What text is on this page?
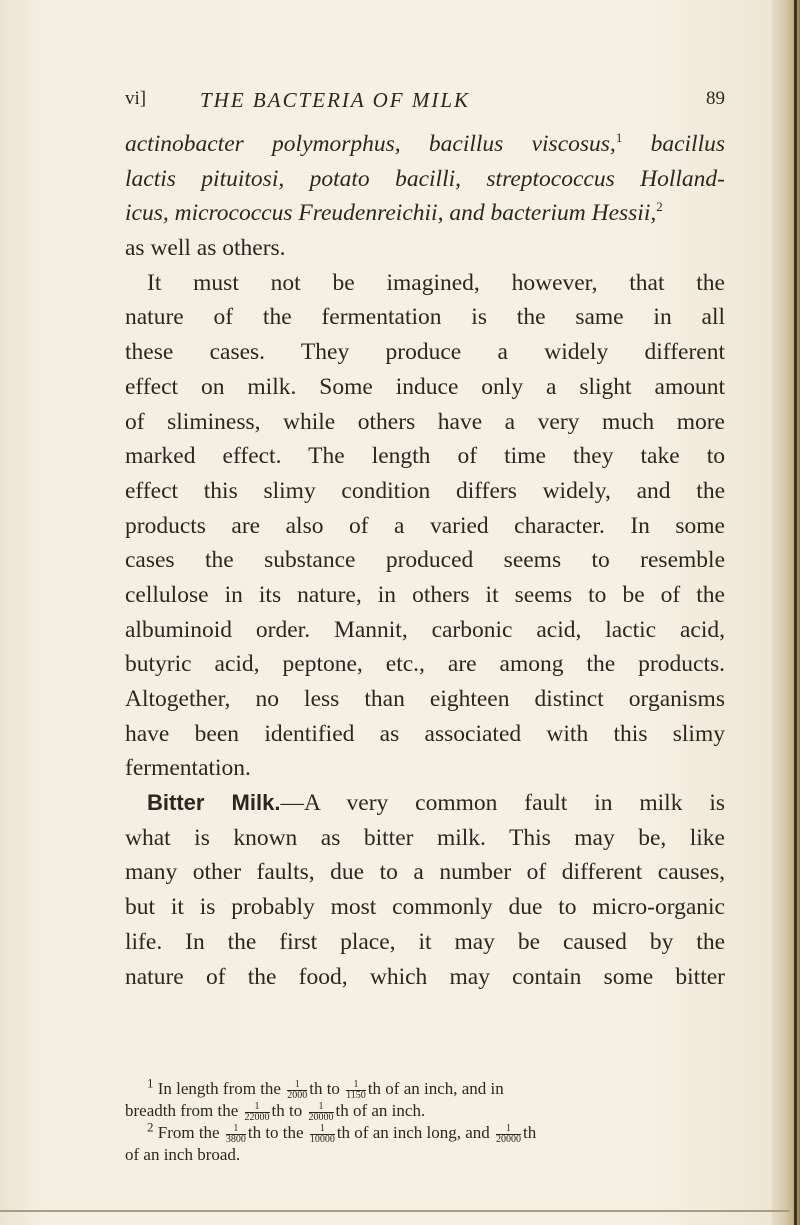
vi]	THE BACTERIA OF MILK	89
actinobacter polymorphus, bacillus viscosus,$^1$ bacillus
lactis pituitosi, potato bacilli, streptococcus Holland-
icus, micrococcus Freudenreichii, and bacterium Hessii,$^2$
as well as others.
It must not be imagined, however, that the
nature of the fermentation is the same in all
these cases. They produce a widely different
effect on milk. Some induce only a slight amount
of sliminess, while others have a very much more
marked effect. The length of time they take to
effect this slimy condition differs widely, and the
products are also of a varied character. In some
cases the substance produced seems to resemble
cellulose in its nature, in others it seems to be of the
albuminoid order. Mannit, carbonic acid, lactic acid,
butyric acid, peptone, etc., are among the products.
Altogether, no less than eighteen distinct organisms
have been identified as associated with this slimy
fermentation.
Bitter Milk.—A very common fault in milk is
what is known as bitter milk. This may be, like
many other faults, due to a number of different causes,
but it is probably most commonly due to micro-organic
life. In the first place, it may be caused by the
nature of the food, which may contain some bitter
$^1$ In length from the $\frac{1}{2000}$ th to $\frac{1}{1150}$ th of an inch, and in
breadth from the $\frac{1}{22000}$ th to $\frac{1}{20000}$ th of an inch.
$^2$ From the $\frac{1}{3800}$ th to the $\frac{1}{10000}$ th of an inch long, and $\frac{1}{20000}$ th
of an inch broad.
